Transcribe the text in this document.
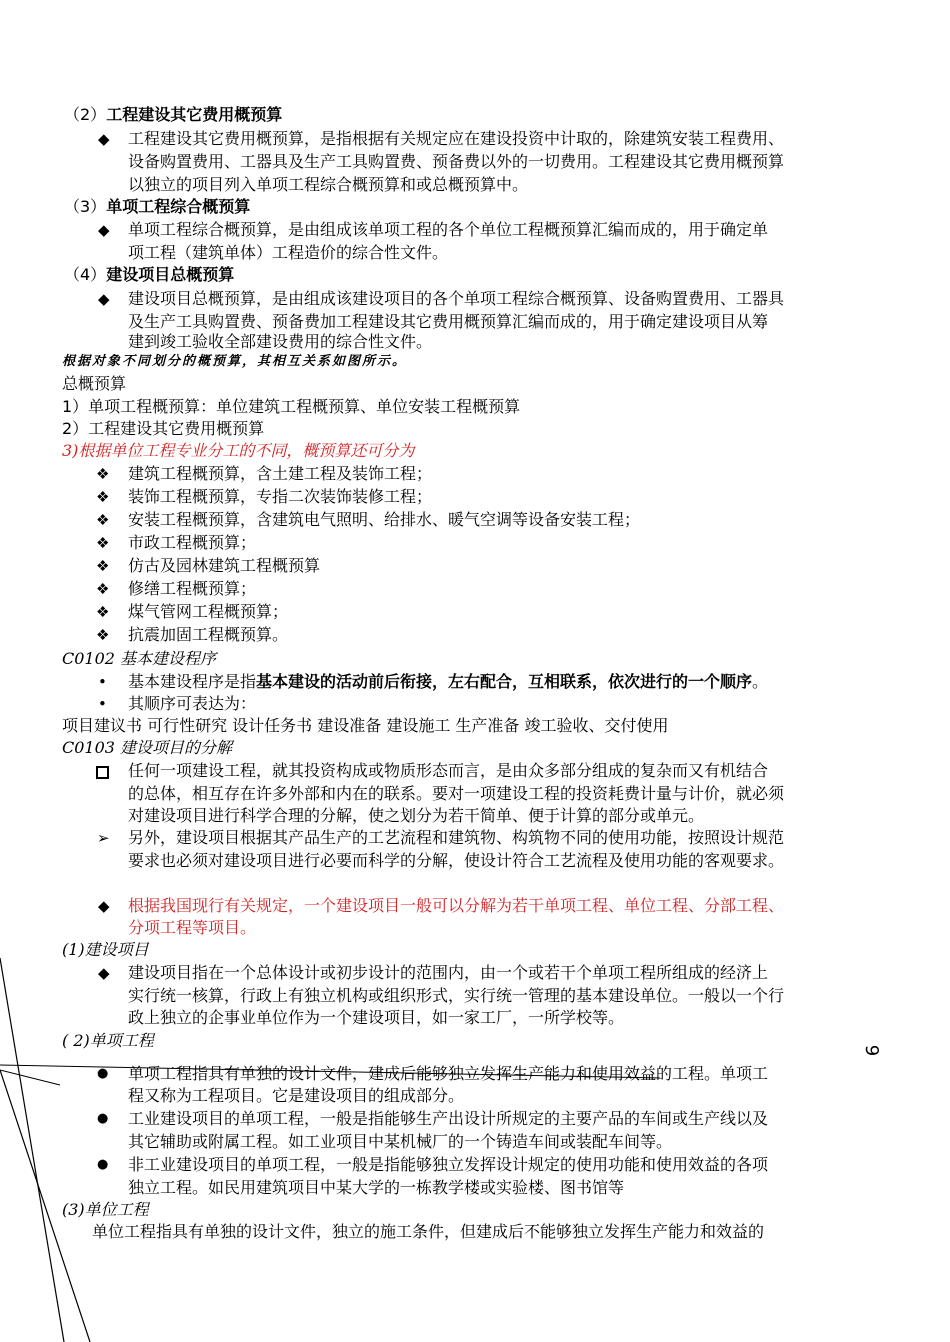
（2）工程建设其它费用概预算
◆ 工程建设其它费用概预算，是指根据有关规定应在建设投资中计取的，除建筑安装工程费用、
设备购置费用、工器具及生产工具购置费、预备费以外的一切费用。工程建设其它费用概预算
以独立的项目列入单项工程综合概预算和或总概预算中。
（3）单项工程综合概预算
◆ 单项工程综合概预算，是由组成该单项工程的各个单位工程概预算汇编而成的，用于确定单
项工程（建筑单体）工程造价的综合性文件。
（4）建设项目总概预算
◆ 建设项目总概预算，是由组成该建设项目的各个单项工程综合概预算、设备购置费用、工器具
及生产工具购置费、预备费加工程建设其它费用概预算汇编而成的，用于确定建设项目从筹
建到竣工验收全部建设费用的综合性文件。
根据对象不同划分的概预算，其相互关系如图所示。
总概预算
1）单项工程概预算：单位建筑工程概预算、单位安装工程概预算
2）工程建设其它费用概预算
3)根据单位工程专业分工的不同，概预算还可分为
❖ 建筑工程概预算，含土建工程及装饰工程；
❖ 装饰工程概预算，专指二次装饰装修工程；
❖ 安装工程概预算，含建筑电气照明、给排水、暖气空调等设备安装工程；
❖ 市政工程概预算；
❖ 仿古及园林建筑工程概预算
❖ 修缮工程概预算；
❖ 煤气管网工程概预算；
❖ 抗震加固工程概预算。
C0102 基本建设程序
• 基本建设程序是指基本建设的活动前后衔接，左右配合，互相联系，依次进行的一个顺序。
• 其顺序可表达为：
项目建议书 可行性研究 设计任务书 建设准备 建设施工 生产准备 竣工验收、交付使用
C0103 建设项目的分解
任何一项建设工程，就其投资构成或物质形态而言，是由众多部分组成的复杂而又有机结合
的总体，相互存在许多外部和内在的联系。要对一项建设工程的投资耗费计量与计价，就必须
对建设项目进行科学合理的分解，使之划分为若干简单、便于计算的部分或单元。
➢ 另外，建设项目根据其产品生产的工艺流程和建筑物、构筑物不同的使用功能，按照设计规范
要求也必须对建设项目进行必要而科学的分解，使设计符合工艺流程及使用功能的客观要求。
◆ 根据我国现行有关规定，一个建设项目一般可以分解为若干单项工程、单位工程、分部工程、
分项工程等项目。
(1)建设项目
◆ 建设项目指在一个总体设计或初步设计的范围内，由一个或若干个单项工程所组成的经济上
实行统一核算，行政上有独立机构或组织形式，实行统一管理的基本建设单位。一般以一个行
政上独立的企事业单位作为一个建设项目，如一家工厂，一所学校等。
( 2)单项工程
● 单项工程指具有单独的设计文件，建成后能够独立发挥生产能力和使用效益的工程。单项工
程又称为工程项目。它是建设项目的组成部分。
● 工业建设项目的单项工程，一般是指能够生产出设计所规定的主要产品的车间或生产线以及
其它辅助或附属工程。如工业项目中某机械厂的一个铸造车间或装配车间等。
● 非工业建设项目的单项工程，一般是指能够独立发挥设计规定的使用功能和使用效益的各项
独立工程。如民用建筑项目中某大学的一栋教学楼或实验楼、图书馆等
(3)单位工程
单位工程指具有单独的设计文件，独立的施工条件，但建成后不能够独立发挥生产能力和效益的
9
